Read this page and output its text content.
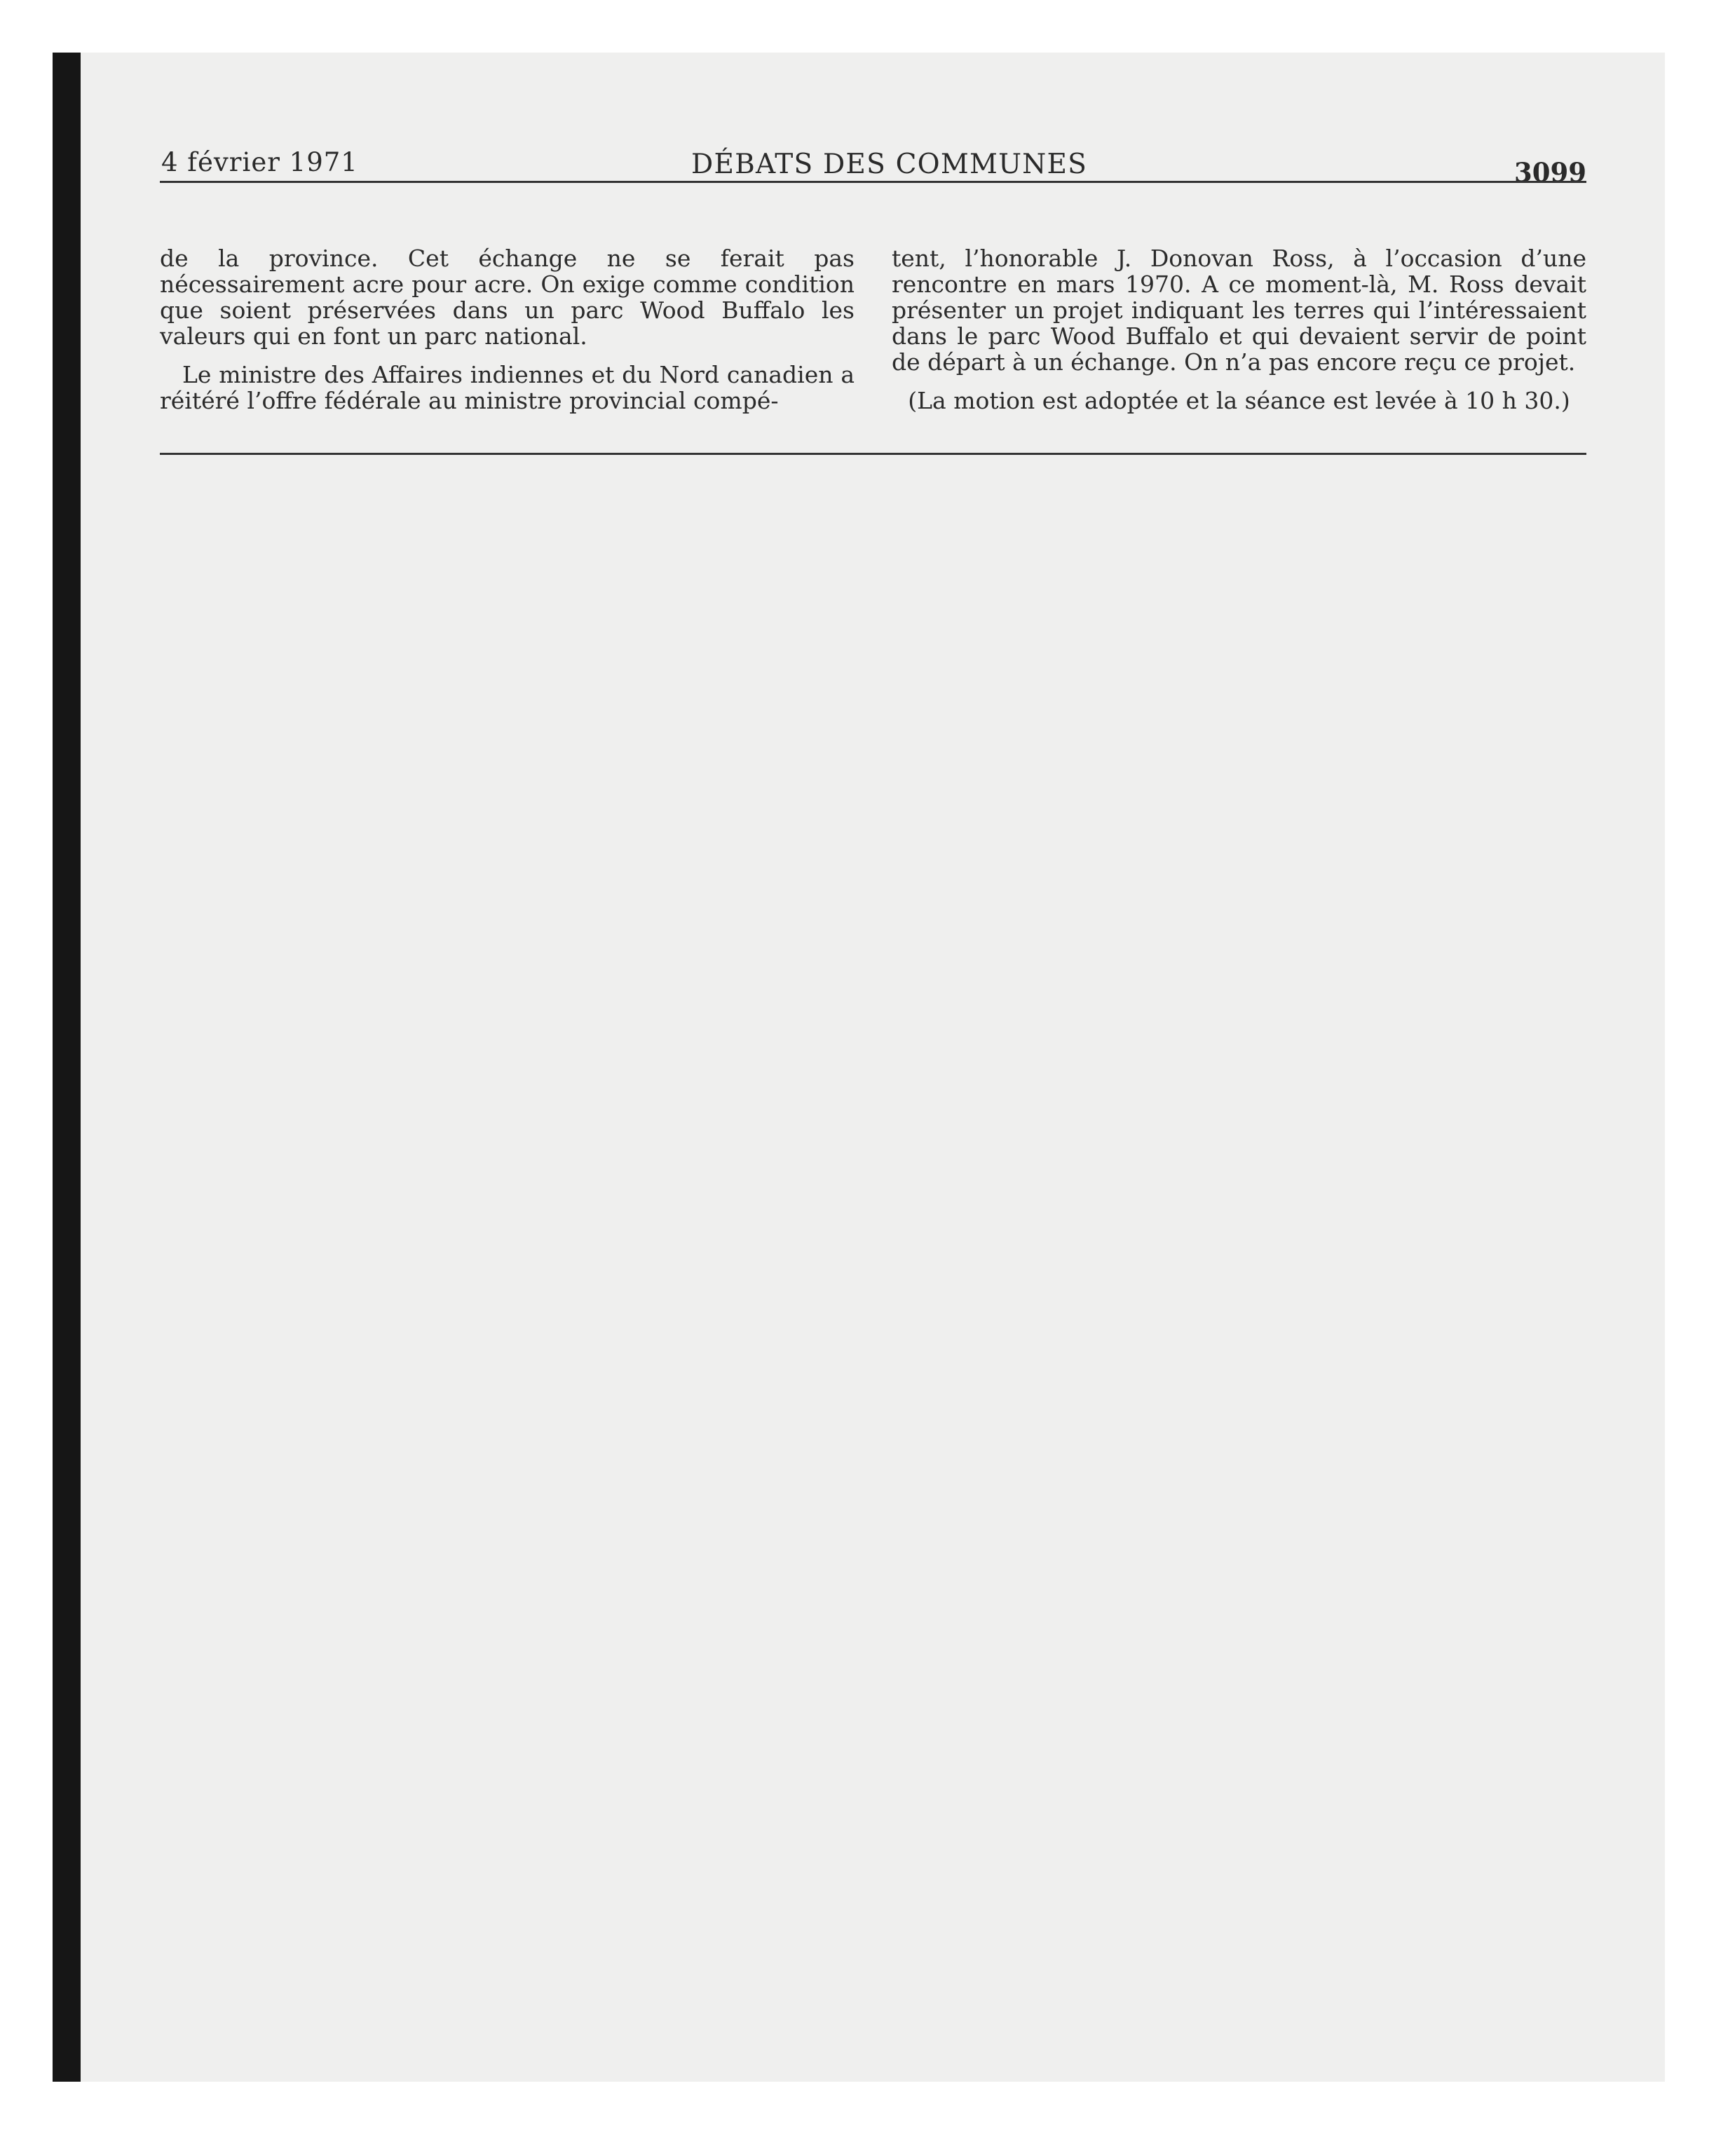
4 février 1971	DÉBATS DES COMMUNES	3099

de la province. Cet échange ne se ferait pas nécessairement acre pour acre. On exige comme condition que soient préservées dans un parc Wood Buffalo les valeurs qui en font un parc national.

Le ministre des Affaires indiennes et du Nord canadien a réitéré l’offre fédérale au ministre provincial compé-

tent, l’honorable J. Donovan Ross, à l’occasion d’une rencontre en mars 1970. A ce moment-là, M. Ross devait présenter un projet indiquant les terres qui l’intéressaient dans le parc Wood Buffalo et qui devaient servir de point de départ à un échange. On n’a pas encore reçu ce projet.

(La motion est adoptée et la séance est levée à 10 h 30.)
